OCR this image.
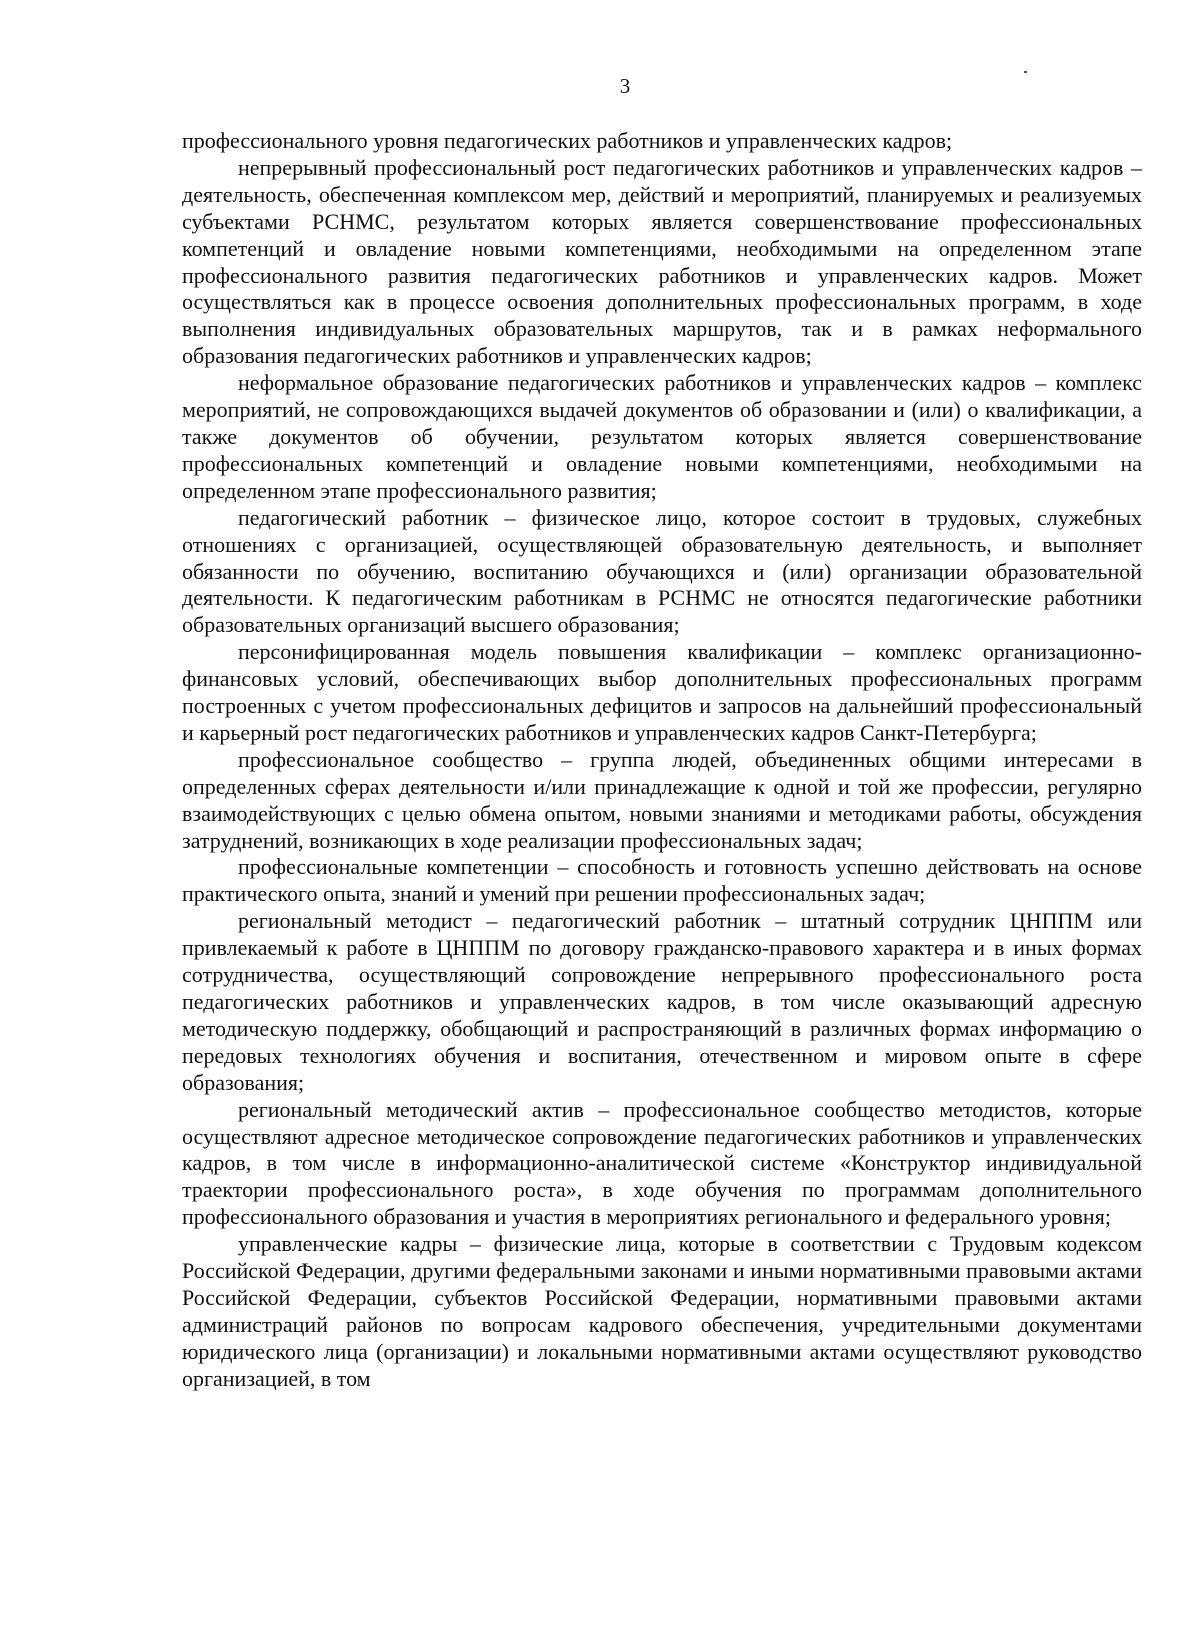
3

профессионального уровня педагогических работников и управленческих кадров;

непрерывный профессиональный рост педагогических работников и управленческих кадров – деятельность, обеспеченная комплексом мер, действий и мероприятий, планируемых и реализуемых субъектами РСНМС, результатом которых является совершенствование профессиональных компетенций и овладение новыми компетенциями, необходимыми на определенном этапе профессионального развития педагогических работников и управленческих кадров. Может осуществляться как в процессе освоения дополнительных профессиональных программ, в ходе выполнения индивидуальных образовательных маршрутов, так и в рамках неформального образования педагогических работников и управленческих кадров;

неформальное образование педагогических работников и управленческих кадров – комплекс мероприятий, не сопровождающихся выдачей документов об образовании и (или) о квалификации, а также документов об обучении, результатом которых является совершенствование профессиональных компетенций и овладение новыми компетенциями, необходимыми на определенном этапе профессионального развития;

педагогический работник – физическое лицо, которое состоит в трудовых, служебных отношениях с организацией, осуществляющей образовательную деятельность, и выполняет обязанности по обучению, воспитанию обучающихся и (или) организации образовательной деятельности. К педагогическим работникам в РСНМС не относятся педагогические работники образовательных организаций высшего образования;

персонифицированная модель повышения квалификации – комплекс организационно-финансовых условий, обеспечивающих выбор дополнительных профессиональных программ построенных с учетом профессиональных дефицитов и запросов на дальнейший профессиональный и карьерный рост педагогических работников и управленческих кадров Санкт-Петербурга;

профессиональное сообщество – группа людей, объединенных общими интересами в определенных сферах деятельности и/или принадлежащие к одной и той же профессии, регулярно взаимодействующих с целью обмена опытом, новыми знаниями и методиками работы, обсуждения затруднений, возникающих в ходе реализации профессиональных задач;

профессиональные компетенции – способность и готовность успешно действовать на основе практического опыта, знаний и умений при решении профессиональных задач;

региональный методист – педагогический работник – штатный сотрудник ЦНППМ или привлекаемый к работе в ЦНППМ по договору гражданско-правового характера и в иных формах сотрудничества, осуществляющий сопровождение непрерывного профессионального роста педагогических работников и управленческих кадров, в том числе оказывающий адресную методическую поддержку, обобщающий и распространяющий в различных формах информацию о передовых технологиях обучения и воспитания, отечественном и мировом опыте в сфере образования;

региональный методический актив – профессиональное сообщество методистов, которые осуществляют адресное методическое сопровождение педагогических работников и управленческих кадров, в том числе в информационно-аналитической системе «Конструктор индивидуальной траектории профессионального роста», в ходе обучения по программам дополнительного профессионального образования и участия в мероприятиях регионального и федерального уровня;

управленческие кадры – физические лица, которые в соответствии с Трудовым кодексом Российской Федерации, другими федеральными законами и иными нормативными правовыми актами Российской Федерации, субъектов Российской Федерации, нормативными правовыми актами администраций районов по вопросам кадрового обеспечения, учредительными документами юридического лица (организации) и локальными нормативными актами осуществляют руководство организацией, в том
